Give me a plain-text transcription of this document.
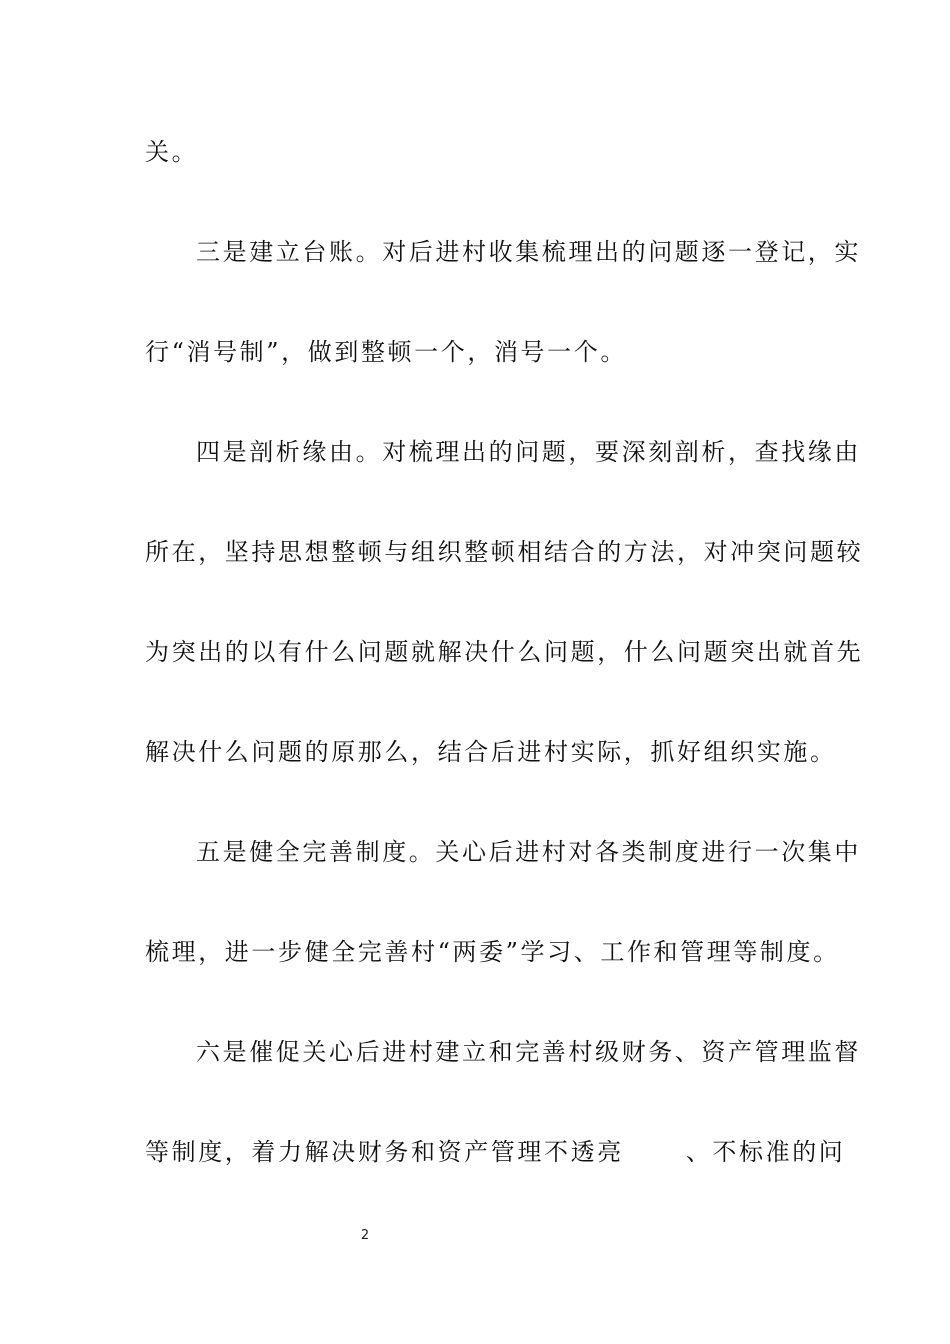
关。
三是建立台账。对后进村收集梳理出的问题逐一登记，实
行“消号制”，做到整顿一个，消号一个。
四是剖析缘由。对梳理出的问题，要深刻剖析，查找缘由
所在，坚持思想整顿与组织整顿相结合的方法，对冲突问题较
为突出的以有什么问题就解决什么问题，什么问题突出就首先
解决什么问题的原那么，结合后进村实际，抓好组织实施。
五是健全完善制度。关心后进村对各类制度进行一次集中
梳理，进一步健全完善村“两委”学习、工作和管理等制度。
六是催促关心后进村建立和完善村级财务、资产管理监督
等制度，着力解决财务和资产管理不透亮	、不标准的问
2
